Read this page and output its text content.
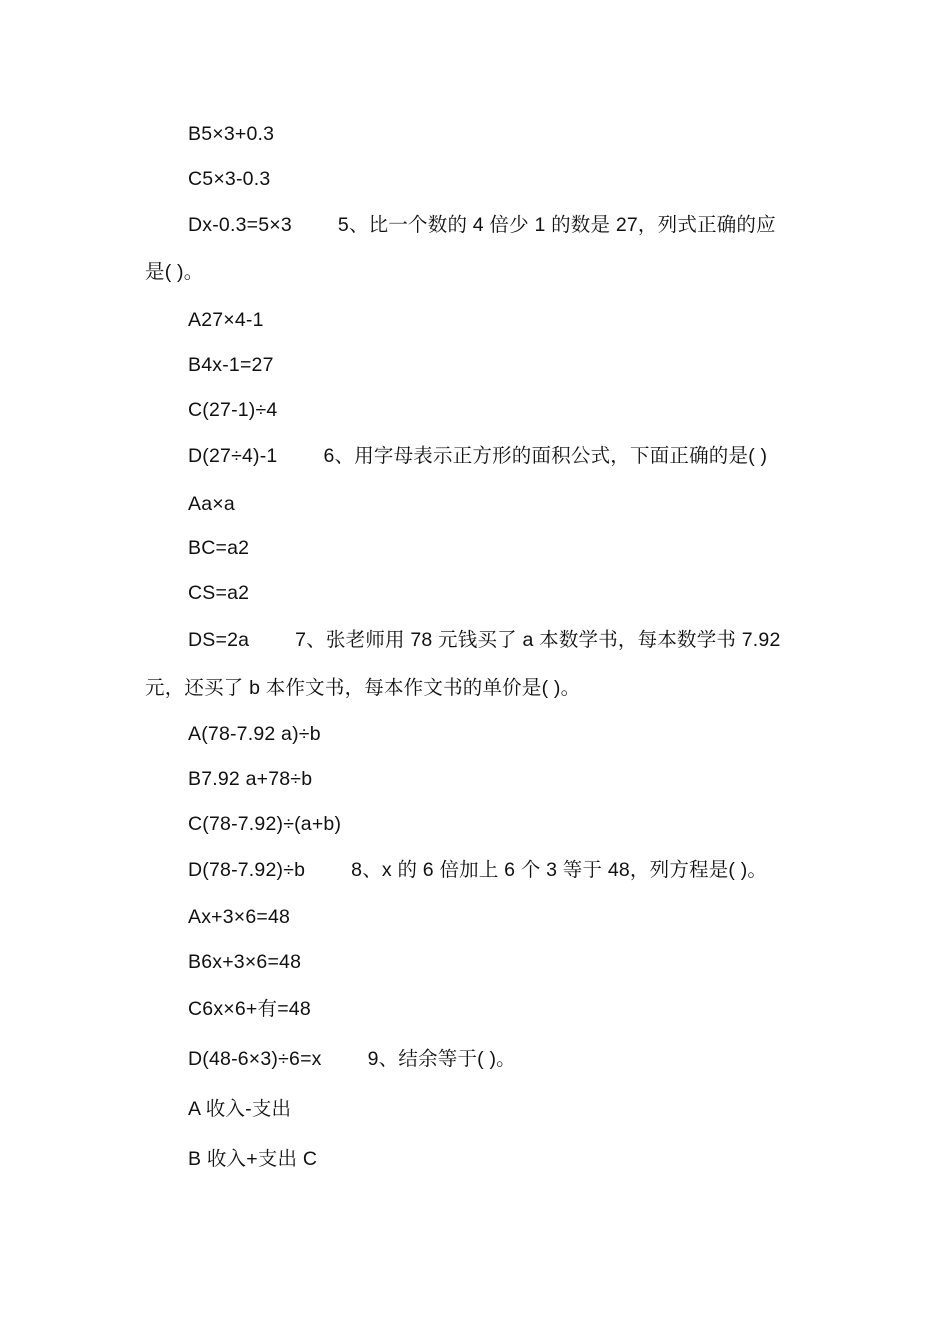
B5×3+0.3
C5×3-0.3
Dx-0.3=5×3 5、比一个数的 4 倍少 1 的数是 27，列式正确的应
是( )。
A27×4-1
B4x-1=27
C(27-1)÷4
D(27÷4)-1 6、用字母表示正方形的面积公式，下面正确的是( )
Aa×a
BC=a2
CS=a2
DS=2a 7、张老师用 78 元钱买了 a 本数学书，每本数学书 7.92
元，还买了 b 本作文书，每本作文书的单价是( )。
A(78-7.92 a)÷b
B7.92 a+78÷b
C(78-7.92)÷(a+b)
D(78-7.92)÷b 8、x 的 6 倍加上 6 个 3 等于 48，列方程是( )。
Ax+3×6=48
B6x+3×6=48
C6x×6+有=48
D(48-6×3)÷6=x 9、结余等于( )。
A 收入-支出
B 收入+支出 C
